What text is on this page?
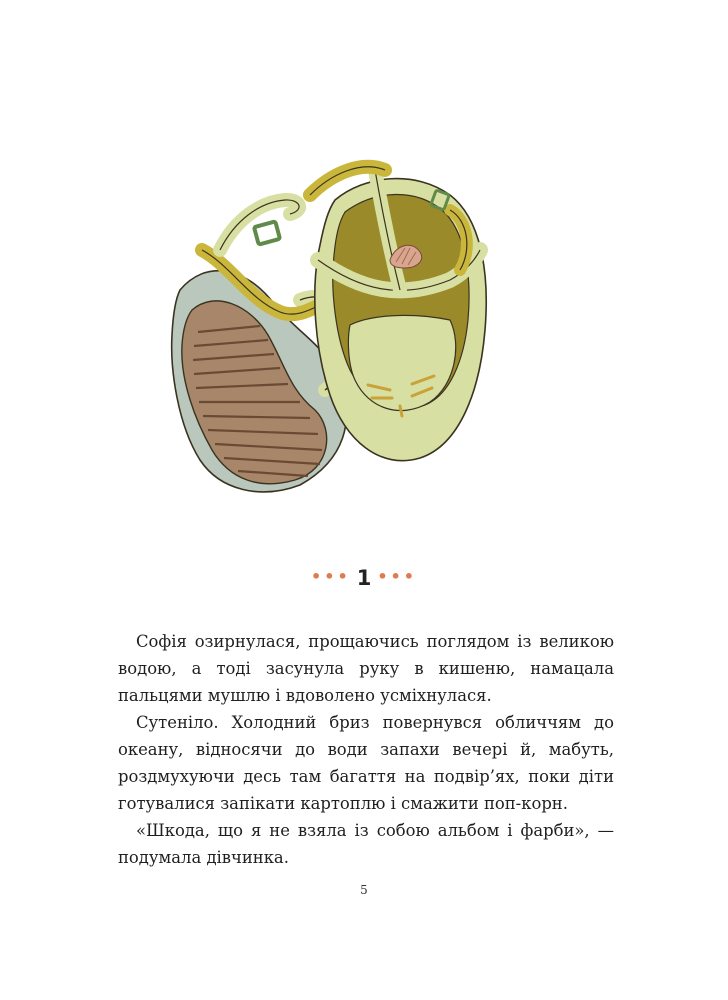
••• 1 •••

Софія озирнулася, прощаючись поглядом із великою водою, а тоді засунула руку в кишеню, намацала пальцями мушлю і вдоволено усміхнулася.

Сутеніло. Холодний бриз повернувся обличчям до океану, відносячи до води запахи вечері й, мабуть, роздмухуючи десь там багаття на подвір’ях, поки діти готувалися запікати картоплю і смажити поп-корн.

«Шкода, що я не взяла із собою альбом і фарби», — подумала дівчинка.

5
